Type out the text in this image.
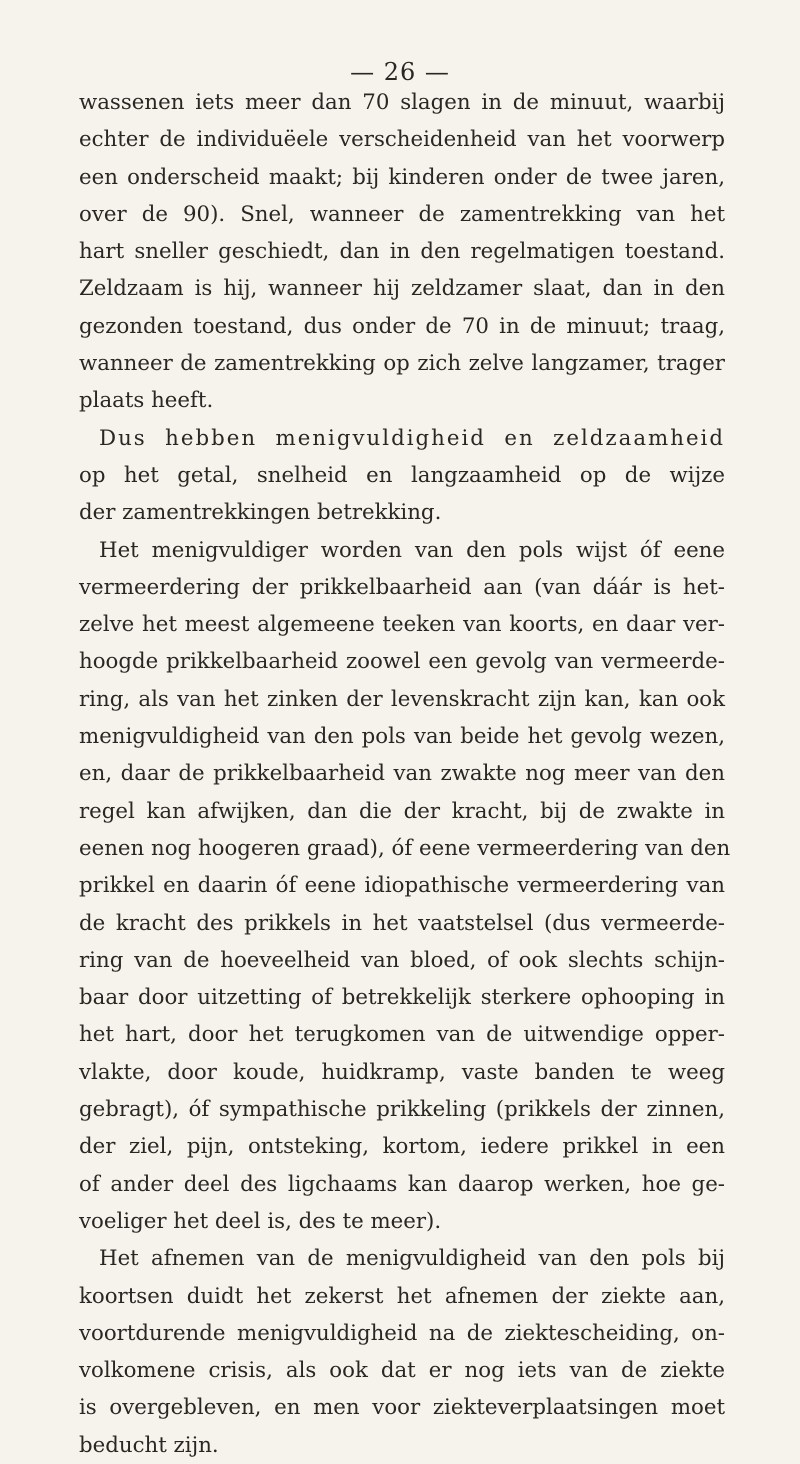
— 26 —
wassenen iets meer dan 70 slagen in de minuut, waarbij
echter de individuëele verscheidenheid van het voorwerp
een onderscheid maakt; bij kinderen onder de twee jaren,
over de 90). Snel, wanneer de zamentrekking van het
hart sneller geschiedt, dan in den regelmatigen toestand.
Zeldzaam is hij, wanneer hij zeldzamer slaat, dan in den
gezonden toestand, dus onder de 70 in de minuut; traag,
wanneer de zamentrekking op zich zelve langzamer, trager
plaats heeft.
Dus hebben menigvuldigheid en zeldzaamheid
op het getal, snelheid en langzaamheid op de wijze
der zamentrekkingen betrekking.
Het menigvuldiger worden van den pols wijst óf eene
vermeerdering der prikkelbaarheid aan (van dáár is het-
zelve het meest algemeene teeken van koorts, en daar ver-
hoogde prikkelbaarheid zoowel een gevolg van vermeerde-
ring, als van het zinken der levenskracht zijn kan, kan ook
menigvuldigheid van den pols van beide het gevolg wezen,
en, daar de prikkelbaarheid van zwakte nog meer van den
regel kan afwijken, dan die der kracht, bij de zwakte in
eenen nog hoogeren graad), óf eene vermeerdering van den
prikkel en daarin óf eene idiopathische vermeerdering van
de kracht des prikkels in het vaatstelsel (dus vermeerde-
ring van de hoeveelheid van bloed, of ook slechts schijn-
baar door uitzetting of betrekkelijk sterkere ophooping in
het hart, door het terugkomen van de uitwendige opper-
vlakte, door koude, huidkramp, vaste banden te weeg
gebragt), óf sympathische prikkeling (prikkels der zinnen,
der ziel, pijn, ontsteking, kortom, iedere prikkel in een
of ander deel des ligchaams kan daarop werken, hoe ge-
voeliger het deel is, des te meer).
Het afnemen van de menigvuldigheid van den pols bij
koortsen duidt het zekerst het afnemen der ziekte aan,
voortdurende menigvuldigheid na de ziektescheiding, on-
volkomene crisis, als ook dat er nog iets van de ziekte
is overgebleven, en men voor ziekteverplaatsingen moet
beducht zijn.
